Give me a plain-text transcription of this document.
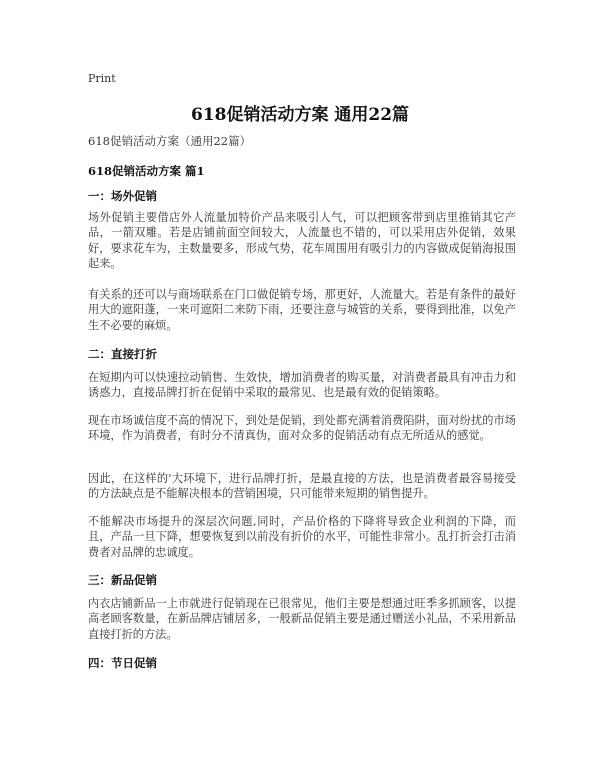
Print
618促销活动方案 通用22篇
618促销活动方案（通用22篇）
618促销活动方案 篇1
一：场外促销
场外促销主要借店外人流量加特价产品来吸引人气，可以把顾客带到店里推销其它产品，一箭双雕。若是店铺前面空间较大，人流量也不错的，可以采用店外促销，效果好，要求花车为，主数量要多，形成气势，花车周围用有吸引力的内容做成促销海报围起来。
有关系的还可以与商场联系在门口做促销专场，那更好，人流量大。若是有条件的最好用大的遮阳蓬，一来可遮阳二来防下雨，还要注意与城管的关系，要得到批准，以免产生不必要的麻烦。
二：直接打折
在短期内可以快速拉动销售、生效快，增加消费者的购买量，对消费者最具有冲击力和诱惑力，直接品牌打折在促销中采取的最常见、也是最有效的促销策略。
现在市场诚信度不高的情况下，到处是促销，到处都充满着消费陷阱，面对纷扰的市场环境，作为消费者，有时分不清真伪，面对众多的促销活动有点无所适从的感觉。
因此，在这样的'大环境下，进行品牌打折，是最直接的方法，也是消费者最容易接受的方法缺点是不能解决根本的营销困境，只可能带来短期的销售提升。
不能解决市场提升的深层次问题,同时，产品价格的下降将导致企业利润的下降，而且，产品一旦下降，想要恢复到以前没有折价的水平，可能性非常小。乱打折会打击消费者对品牌的忠诚度。
三：新品促销
内衣店铺新品一上市就进行促销现在已很常见，他们主要是想通过旺季多抓顾客，以提高老顾客数量，在新品牌店铺居多，一般新品促销主要是通过赠送小礼品，不采用新品直接打折的方法。
四：节日促销
